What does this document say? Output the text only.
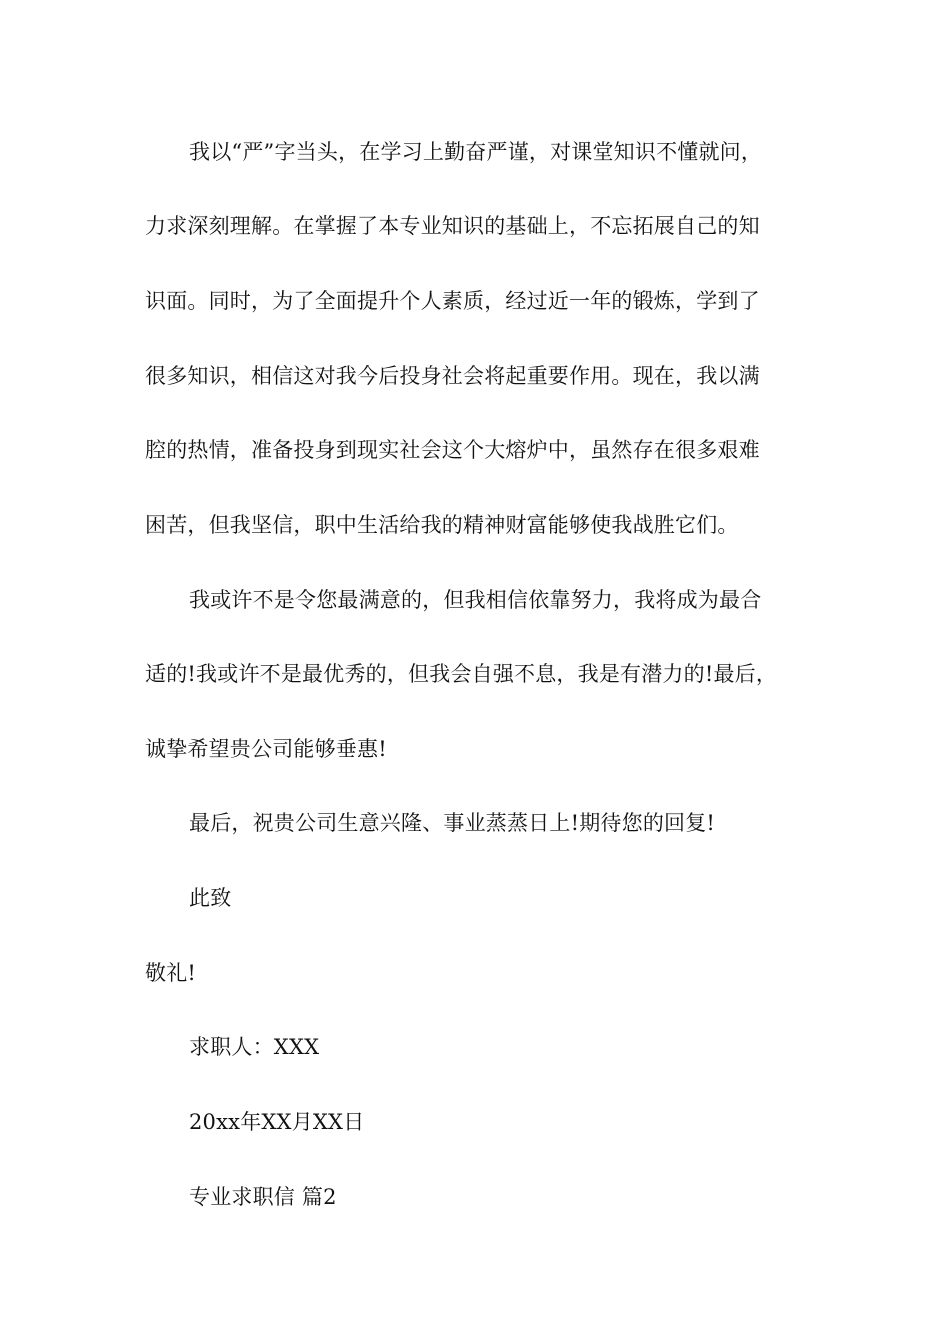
我以“严”字当头，在学习上勤奋严谨，对课堂知识不懂就问，
力求深刻理解。在掌握了本专业知识的基础上，不忘拓展自己的知
识面。同时，为了全面提升个人素质，经过近一年的锻炼，学到了
很多知识，相信这对我今后投身社会将起重要作用。现在，我以满
腔的热情，准备投身到现实社会这个大熔炉中，虽然存在很多艰难
困苦，但我坚信，职中生活给我的精神财富能够使我战胜它们。
我或许不是令您最满意的，但我相信依靠努力，我将成为最合
适的!我或许不是最优秀的，但我会自强不息，我是有潜力的!最后，
诚挚希望贵公司能够垂惠!
最后，祝贵公司生意兴隆、事业蒸蒸日上!期待您的回复!
此致
敬礼!
求职人：XXX
20xx年XX月XX日
专业求职信 篇2
